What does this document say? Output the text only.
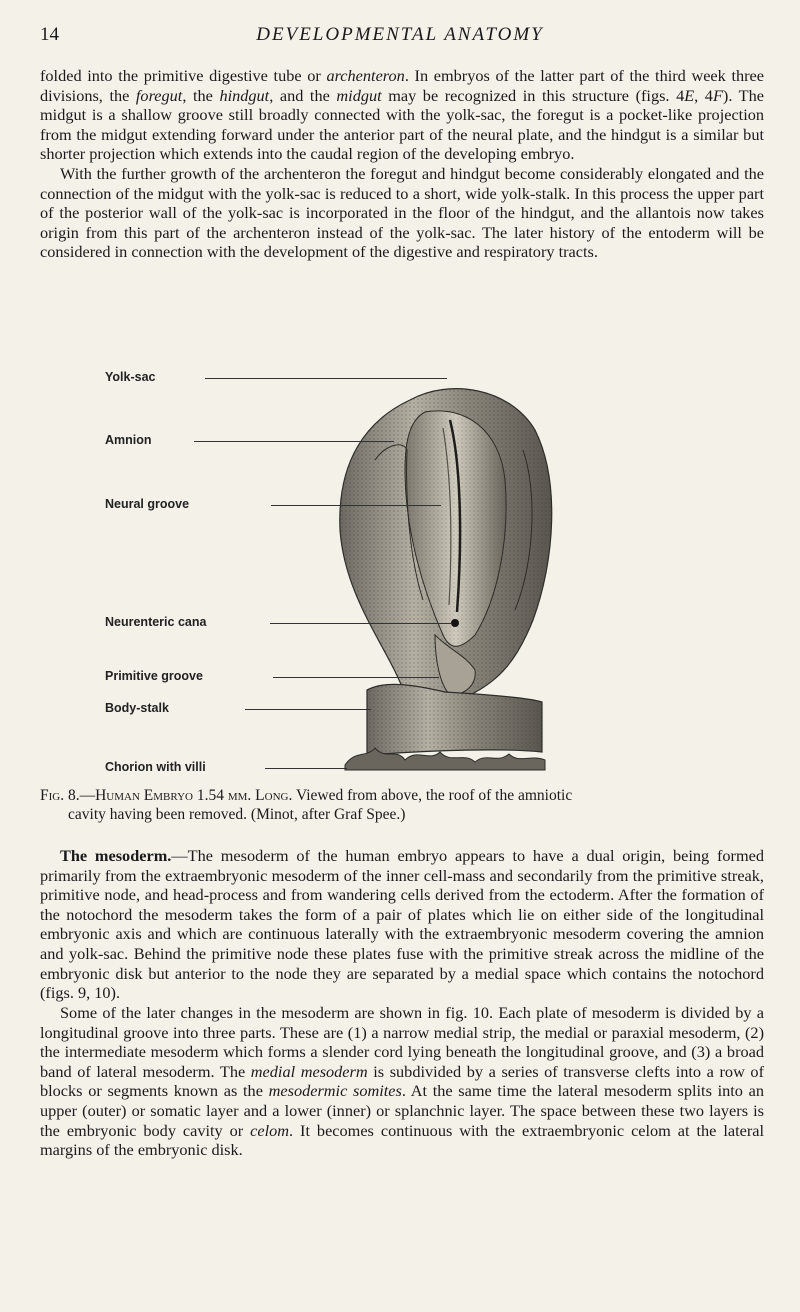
14	DEVELOPMENTAL ANATOMY

folded into the primitive digestive tube or archenteron. In embryos of the latter part of the third week three divisions, the foregut, the hindgut, and the midgut may be recognized in this structure (figs. 4E, 4F). The midgut is a shallow groove still broadly connected with the yolk-sac, the foregut is a pocket-like projection from the midgut extending forward under the anterior part of the neural plate, and the hindgut is a similar but shorter projection which extends into the caudal region of the developing embryo.

With the further growth of the archenteron the foregut and hindgut become considerably elongated and the connection of the midgut with the yolk-sac is reduced to a short, wide yolk-stalk. In this process the upper part of the posterior wall of the yolk-sac is incorporated in the floor of the hindgut, and the allantois now takes origin from this part of the archenteron instead of the yolk-sac. The later history of the entoderm will be considered in connection with the development of the digestive and respiratory tracts.

Yolk-sac
Amnion
Neural groove
Neurenteric cana
Primitive groove
Body-stalk
Chorion with villi

Fig. 8.—Human Embryo 1.54 mm. Long. Viewed from above, the roof of the amniotic
cavity having been removed. (Minot, after Graf Spee.)

The mesoderm.—The mesoderm of the human embryo appears to have a dual origin, being formed primarily from the extraembryonic mesoderm of the inner cell-mass and secondarily from the primitive streak, primitive node, and head-process and from wandering cells derived from the ectoderm. After the formation of the notochord the mesoderm takes the form of a pair of plates which lie on either side of the longitudinal embryonic axis and which are continuous laterally with the extraembryonic mesoderm covering the amnion and yolk-sac. Behind the primitive node these plates fuse with the primitive streak across the midline of the embryonic disk but anterior to the node they are separated by a medial space which contains the notochord (figs. 9, 10).

Some of the later changes in the mesoderm are shown in fig. 10. Each plate of mesoderm is divided by a longitudinal groove into three parts. These are (1) a narrow medial strip, the medial or paraxial mesoderm, (2) the intermediate mesoderm which forms a slender cord lying beneath the longitudinal groove, and (3) a broad band of lateral mesoderm. The medial mesoderm is subdivided by a series of transverse clefts into a row of blocks or segments known as the mesodermic somites. At the same time the lateral mesoderm splits into an upper (outer) or somatic layer and a lower (inner) or splanchnic layer. The space between these two layers is the embryonic body cavity or celom. It becomes continuous with the extraembryonic celom at the lateral margins of the embryonic disk.
